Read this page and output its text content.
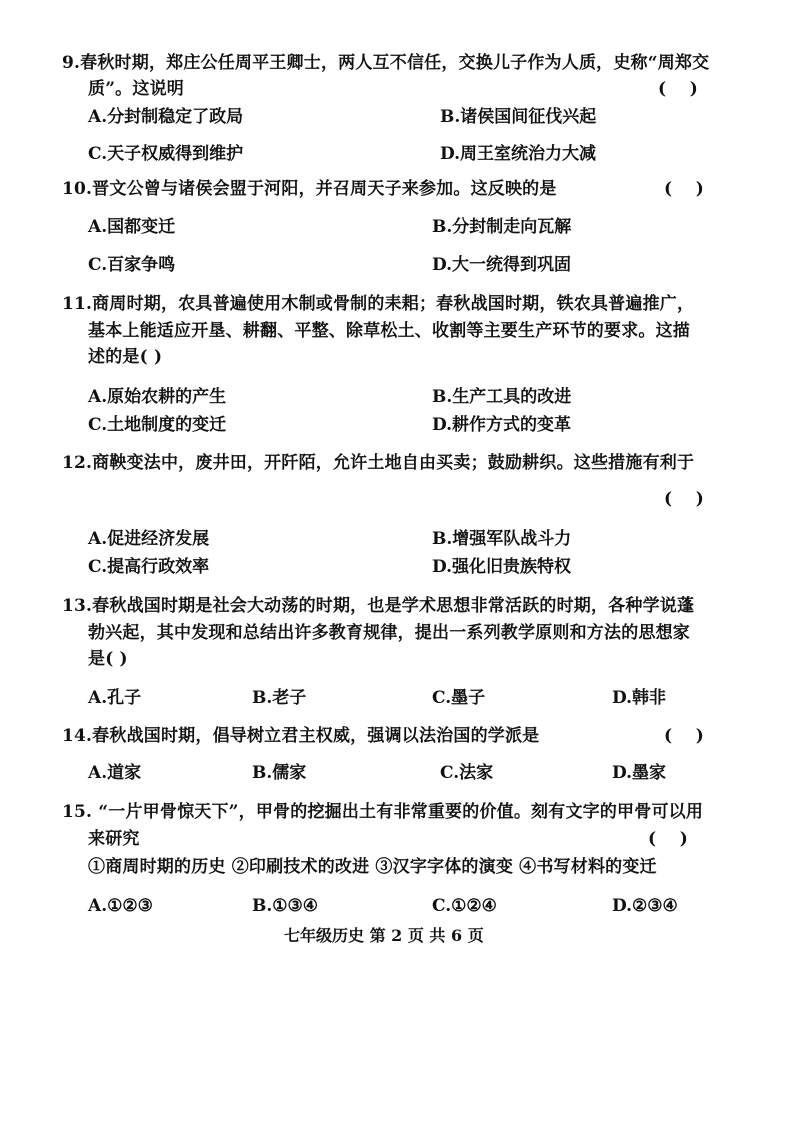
9.春秋时期，郑庄公任周平王卿士，两人互不信任，交换儿子作为人质，史称“周郑交
质”。这说明	(    )
A.分封制稳定了政局	B.诸侯国间征伐兴起
C.天子权威得到维护	D.周王室统治力大减
10.晋文公曾与诸侯会盟于河阳，并召周天子来参加。这反映的是	(    )
A.国都变迁	B.分封制走向瓦解
C.百家争鸣	D.大一统得到巩固
11.商周时期，农具普遍使用木制或骨制的耒耜；春秋战国时期，铁农具普遍推广，
基本上能适应开垦、耕翻、平整、除草松土、收割等主要生产环节的要求。这描
述的是( )
A.原始农耕的产生	B.生产工具的改进
C.土地制度的变迁	D.耕作方式的变革
12.商鞅变法中，废井田，开阡陌，允许土地自由买卖；鼓励耕织。这些措施有利于
(    )
A.促进经济发展	B.增强军队战斗力
C.提高行政效率	D.强化旧贵族特权
13.春秋战国时期是社会大动荡的时期，也是学术思想非常活跃的时期，各种学说蓬
勃兴起，其中发现和总结出许多教育规律，提出一系列教学原则和方法的思想家
是( )
A.孔子	B.老子	C.墨子	D.韩非
14.春秋战国时期，倡导树立君主权威，强调以法治国的学派是	(    )
A.道家	B.儒家	C.法家	D.墨家
15. “一片甲骨惊天下”，甲骨的挖掘出土有非常重要的价值。刻有文字的甲骨可以用
来研究	(    )
①商周时期的历史 ②印刷技术的改进 ③汉字字体的演变 ④书写材料的变迁
A.①②③	B.①③④	C.①②④	D.②③④
七年级历史 第 2 页 共 6 页
